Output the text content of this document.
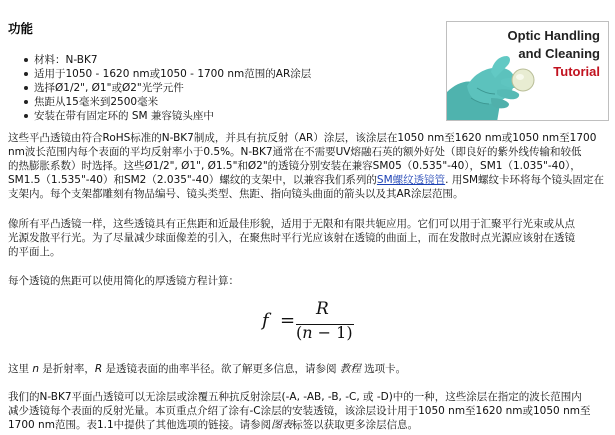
功能
材料：N-BK7
适用于1050 - 1620 nm或1050 - 1700 nm范围的AR涂层
选择Ø1/2", Ø1"或Ø2"光学元件
焦距从15毫米到2500毫米
安装在带有固定环的 SM 兼容镜头座中
Optic Handling
and Cleaning
Tutorial
这些平凸透镜由符合RoHS标准的N-BK7制成，并具有抗反射（AR）涂层，该涂层在1050 nm至1620 nm或1050 nm至1700
nm波长范围内每个表面的平均反射率小于0.5%。N-BK7通常在不需要UV熔融石英的额外好处（即良好的紫外线传输和较低
的热膨胀系数）时选择。这些Ø1/2", Ø1", Ø1.5"和Ø2"的透镜分别安装在兼容SM05（0.535"-40），SM1（1.035"-40），
SM1.5（1.535"-40）和SM2（2.035"-40）螺纹的支架中，以兼容我们系列的SM螺纹透镜管. 用SM螺纹卡环将每个镜头固定在
支架内。每个支架都雕刻有物品编号、镜头类型、焦距、指向镜头曲面的箭头以及其AR涂层范围。
像所有平凸透镜一样，这些透镜具有正焦距和近最佳形貌，适用于无限和有限共轭应用。它们可以用于汇聚平行光束或从点
光源发散平行光。为了尽量减少球面像差的引入，在聚焦时平行光应该射在透镜的曲面上，而在发散时点光源应该射在透镜
的平面上。
每个透镜的焦距可以使用简化的厚透镜方程计算：
f =
R
(n − 1)
这里 n 是折射率，R 是透镜表面的曲率半径。欲了解更多信息，请参阅 教程 选项卡。
我们的N-BK7平面凸透镜可以无涂层或涂覆五种抗反射涂层(-A, -AB, -B, -C, 或 -D)中的一种，这些涂层在指定的波长范围内
减少透镜每个表面的反射光量。本页重点介绍了涂有-C涂层的安装透镜，该涂层设计用于1050 nm至1620 nm或1050 nm至
1700 nm范围。表1.1中提供了其他选项的链接。请参阅图表标签以获取更多涂层信息。
